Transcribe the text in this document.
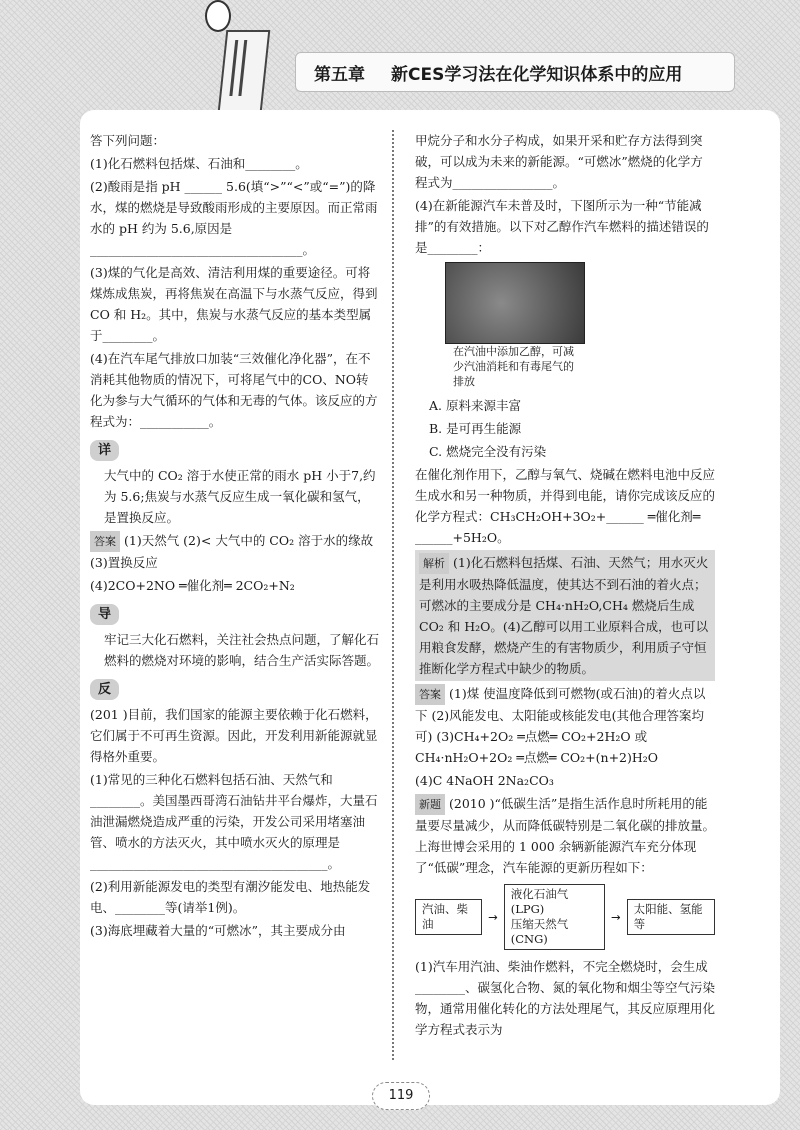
第五章 新CES学习法在化学知识体系中的应用

答下列问题：

(1)化石燃料包括煤、石油和________。

(2)酸雨是指 pH ______ 5.6(填“>”“<”或“=”)的降水，煤的燃烧是导致酸雨形成的主要原因。而正常雨水的 pH 约为 5.6,原因是__________________________________。

(3)煤的气化是高效、清洁利用煤的重要途径。可将煤炼成焦炭，再将焦炭在高温下与水蒸气反应，得到 CO 和 H₂。其中，焦炭与水蒸气反应的基本类型属于________。

(4)在汽车尾气排放口加装“三效催化净化器”，在不消耗其他物质的情况下，可将尾气中的CO、NO转化为参与大气循环的气体和无毒的气体。该反应的方程式为：___________。

详

大气中的 CO₂ 溶于水使正常的雨水 pH 小于7,约为 5.6;焦炭与水蒸气反应生成一氧化碳和氢气，是置换反应。

答案 (1)天然气 (2)< 大气中的 CO₂ 溶于水的缘故 (3)置换反应

(4)2CO+2NO ═催化剂═ 2CO₂+N₂

导

牢记三大化石燃料，关注社会热点问题，了解化石燃料的燃烧对环境的影响，结合生产活实际答题。

反

(201 )目前，我们国家的能源主要依赖于化石燃料，它们属于不可再生资源。因此，开发利用新能源就显得格外重要。

(1)常见的三种化石燃料包括石油、天然气和________。美国墨西哥湾石油钻井平台爆炸，大量石油泄漏燃烧造成严重的污染，开发公司采用堵塞油管、喷水的方法灭火，其中喷水灭火的原理是______________________________________。

(2)利用新能源发电的类型有潮汐能发电、地热能发电、________等(请举1例)。

(3)海底埋藏着大量的“可燃冰”，其主要成分由

甲烷分子和水分子构成，如果开采和贮存方法得到突破，可以成为未来的新能源。“可燃冰”燃烧的化学方程式为________________。

(4)在新能源汽车未普及时，下图所示为一种“节能减排”的有效措施。以下对乙醇作汽车燃料的描述错误的是________：

在汽油中添加乙醇，可减少汽油消耗和有毒尾气的排放

A. 原料来源丰富

B. 是可再生能源

C. 燃烧完全没有污染

在催化剂作用下，乙醇与氧气、烧碱在燃料电池中反应生成水和另一种物质，并得到电能，请你完成该反应的化学方程式：CH₃CH₂OH+3O₂+______ ═催化剂═ ______+5H₂O。

解析 (1)化石燃料包括煤、石油、天然气；用水灭火是利用水吸热降低温度，使其达不到石油的着火点；可燃冰的主要成分是 CH₄·nH₂O,CH₄ 燃烧后生成 CO₂ 和 H₂O。(4)乙醇可以用工业原料合成，也可以用粮食发酵，燃烧产生的有害物质少，利用质子守恒推断化学方程式中缺少的物质。

答案 (1)煤 使温度降低到可燃物(或石油)的着火点以下 (2)风能发电、太阳能或核能发电(其他合理答案均可) (3)CH₄+2O₂ ═点燃═ CO₂+2H₂O 或 CH₄·nH₂O+2O₂ ═点燃═ CO₂+(n+2)H₂O

(4)C 4NaOH 2Na₂CO₃

新题 (2010 )“低碳生活”是指生活作息时所耗用的能量要尽量减少，从而降低碳特别是二氧化碳的排放量。上海世博会采用的 1 000 余辆新能源汽车充分体现了“低碳”理念，汽车能源的更新历程如下：

汽油、柴油
→
液化石油气(LPG)
压缩天然气(CNG)
→
太阳能、氢能等

(1)汽车用汽油、柴油作燃料，不完全燃烧时，会生成________、碳氢化合物、氮的氧化物和烟尘等空气污染物，通常用催化转化的方法处理尾气，其反应原理用化学方程式表示为

119
